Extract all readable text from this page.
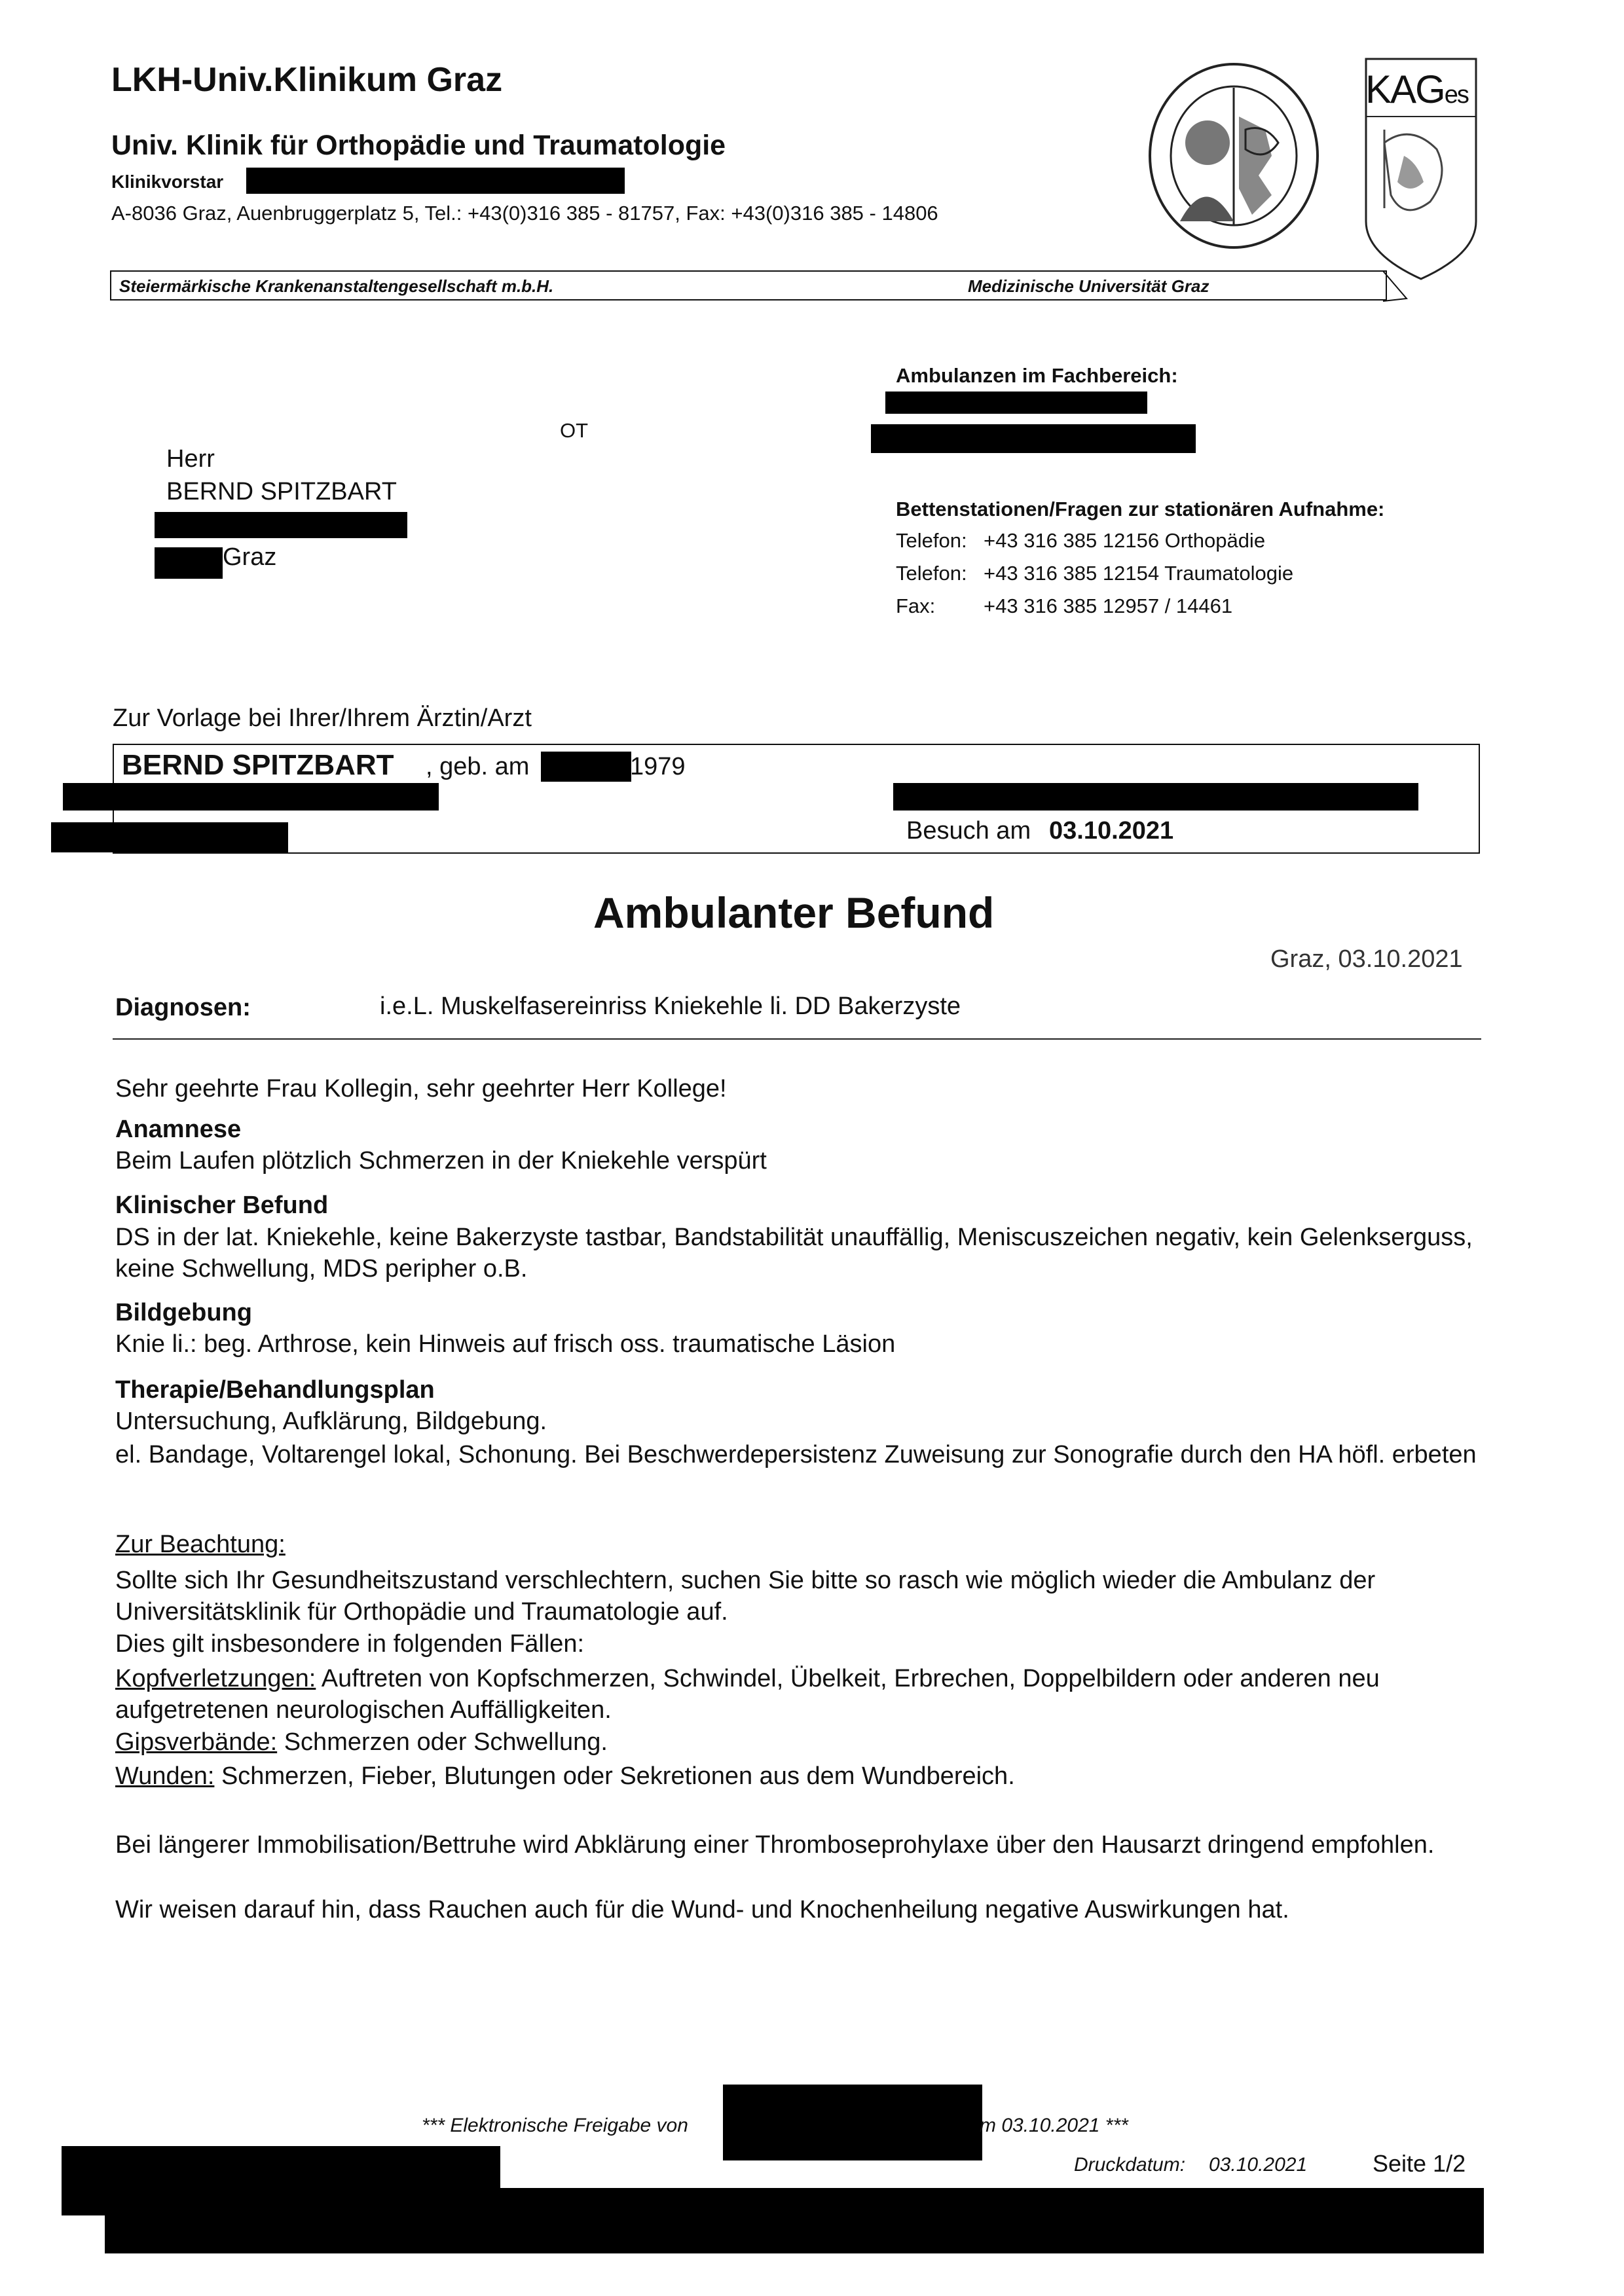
LKH-Univ.Klinikum Graz
Univ. Klinik für Orthopädie und Traumatologie
Klinikvorstar
A-8036 Graz, Auenbruggerplatz 5, Tel.: +43(0)316 385 - 81757, Fax: +43(0)316 385 - 14806
KAGes
Steiermärkische Krankenanstaltengesellschaft m.b.H.	Medizinische Universität Graz
OT
Herr
BERND SPITZBART
Graz
Ambulanzen im Fachbereich:
Bettenstationen/Fragen zur stationären Aufnahme:
Telefon: +43 316 385 12156 Orthopädie
Telefon: +43 316 385 12154 Traumatologie
Fax: +43 316 385 12957 / 14461
Zur Vorlage bei Ihrer/Ihrem Ärztin/Arzt
BERND SPITZBART , geb. am	1979
Besuch am 03.10.2021
Ambulanter Befund
Graz, 03.10.2021
Diagnosen:	i.e.L. Muskelfasereinriss Kniekehle li. DD Bakerzyste
Sehr geehrte Frau Kollegin, sehr geehrter Herr Kollege!
Anamnese
Beim Laufen plötzlich Schmerzen in der Kniekehle verspürt
Klinischer Befund
DS in der lat. Kniekehle, keine Bakerzyste tastbar, Bandstabilität unauffällig, Meniscuszeichen negativ, kein Gelenkserguss, keine Schwellung, MDS peripher o.B.
Bildgebung
Knie li.: beg. Arthrose, kein Hinweis auf frisch oss. traumatische Läsion
Therapie/Behandlungsplan
Untersuchung, Aufklärung, Bildgebung.
el. Bandage, Voltarengel lokal, Schonung. Bei Beschwerdepersistenz Zuweisung zur Sonografie durch den HA höfl. erbeten
Zur Beachtung:
Sollte sich Ihr Gesundheitszustand verschlechtern, suchen Sie bitte so rasch wie möglich wieder die Ambulanz der Universitätsklinik für Orthopädie und Traumatologie auf.
Dies gilt insbesondere in folgenden Fällen:
Kopfverletzungen: Auftreten von Kopfschmerzen, Schwindel, Übelkeit, Erbrechen, Doppelbildern oder anderen neu aufgetretenen neurologischen Auffälligkeiten.
Gipsverbände: Schmerzen oder Schwellung.
Wunden: Schmerzen, Fieber, Blutungen oder Sekretionen aus dem Wundbereich.
Bei längerer Immobilisation/Bettruhe wird Abklärung einer Thromboseprohylaxe über den Hausarzt dringend empfohlen.
Wir weisen darauf hin, dass Rauchen auch für die Wund- und Knochenheilung negative Auswirkungen hat.
*** Elektronische Freigabe von	m 03.10.2021 ***
Druckdatum: 03.10.2021	Seite 1/2
